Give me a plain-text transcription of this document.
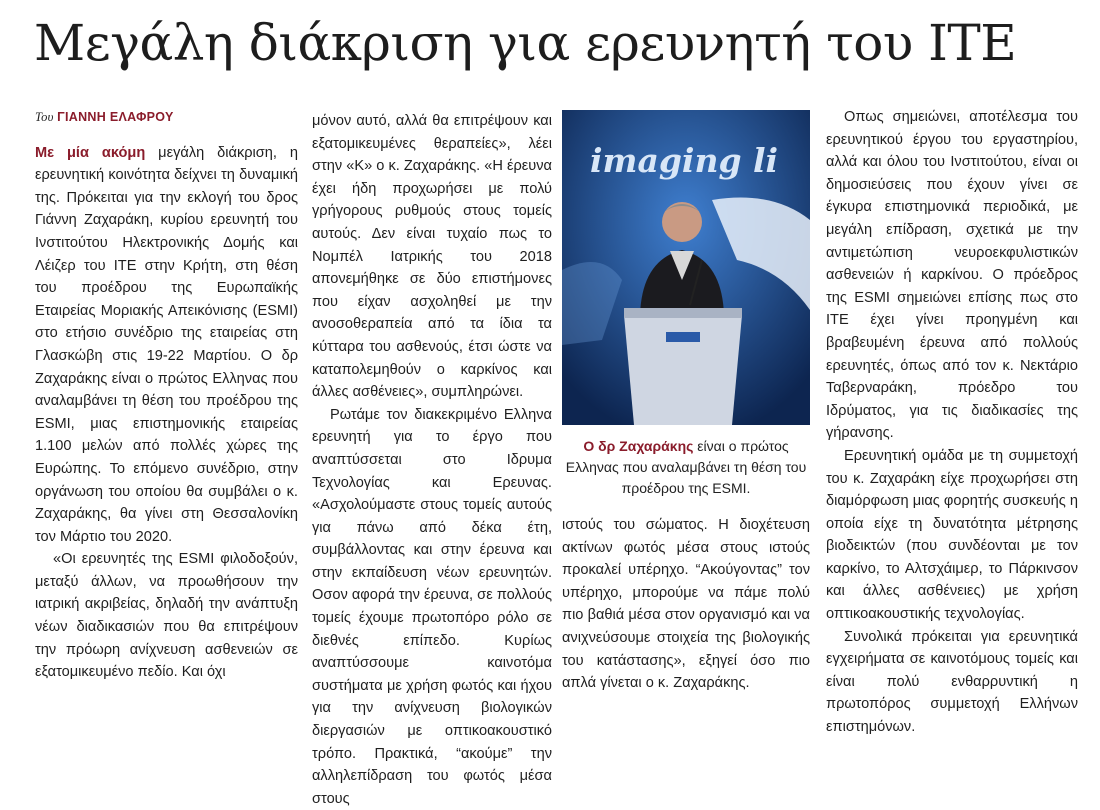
Μεγάλη διάκριση για ερευνητή του ΙΤΕ
Του ΓΙΑΝΝΗ ΕΛΑΦΡΟΥ

Με μία ακόμη μεγάλη διάκριση, η ερευνητική κοινότητα δείχνει τη δυναμική της. Πρόκειται για την εκλογή του δρος Γιάννη Ζαχαράκη, κυρίου ερευνητή του Ινστιτούτου Ηλεκτρονικής Δομής και Λέιζερ του ΙΤΕ στην Κρήτη, στη θέση του προέδρου της Ευρωπαϊκής Εταιρείας Μοριακής Απεικόνισης (ESMI) στο ετήσιο συνέδριο της εταιρείας στη Γλασκώβη στις 19-22 Μαρτίου. Ο δρ Ζαχαράκης είναι ο πρώτος Ελληνας που αναλαμβάνει τη θέση του προέδρου της ESMI, μιας επιστημονικής εταιρείας 1.100 μελών από πολλές χώρες της Ευρώπης. Το επόμενο συνέδριο, στην οργάνωση του οποίου θα συμβάλει ο κ. Ζαχαράκης, θα γίνει στη Θεσσαλονίκη τον Μάρτιο του 2020.

«Οι ερευνητές της ESMI φιλοδοξούν, μεταξύ άλλων, να προωθήσουν την ιατρική ακριβείας, δηλαδή την ανάπτυξη νέων διαδικασιών που θα επιτρέψουν την πρόωρη ανίχνευση ασθενειών σε εξατομικευμένο πεδίο. Και όχι

μόνον αυτό, αλλά θα επιτρέψουν και εξατομικευμένες θεραπείες», λέει στην «Κ» ο κ. Ζαχαράκης. «Η έρευνα έχει ήδη προχωρήσει με πολύ γρήγορους ρυθμούς στους τομείς αυτούς. Δεν είναι τυχαίο πως το Νομπέλ Ιατρικής του 2018 απονεμήθηκε σε δύο επιστήμονες που είχαν ασχοληθεί με την ανοσοθεραπεία από τα ίδια τα κύτταρα του ασθενούς, έτσι ώστε να καταπολεμηθούν ο καρκίνος και άλλες ασθένειες», συμπληρώνει.

Ρωτάμε τον διακεκριμένο Ελληνα ερευνητή για το έργο που αναπτύσσεται στο Ιδρυμα Τεχνολογίας και Ερευνας. «Ασχολούμαστε στους τομείς αυτούς για πάνω από δέκα έτη, συμβάλλοντας και στην έρευνα και στην εκπαίδευση νέων ερευνητών. Οσον αφορά την έρευνα, σε πολλούς τομείς έχουμε πρωτοπόρο ρόλο σε διεθνές επίπεδο. Κυρίως αναπτύσσουμε καινοτόμα συστήματα με χρήση φωτός και ήχου για την ανίχνευση βιολογικών διεργασιών με οπτικοακουστικό τρόπο. Πρακτικά, “ακούμε” την αλληλεπίδραση του φωτός μέσα στους

imaging li
Ο δρ Ζαχαράκης είναι ο πρώτος Ελληνας που αναλαμβάνει τη θέση του προέδρου της ESMI.

ιστούς του σώματος. Η διοχέτευση ακτίνων φωτός μέσα στους ιστούς προκαλεί υπέρηχο. “Ακούγοντας” τον υπέρηχο, μπορούμε να πάμε πολύ πιο βαθιά μέσα στον οργανισμό και να ανιχνεύσουμε στοιχεία της βιολογικής του κατάστασης», εξηγεί όσο πιο απλά γίνεται ο κ. Ζαχαράκης.

Οπως σημειώνει, αποτέλεσμα του ερευνητικού έργου του εργαστηρίου, αλλά και όλου του Ινστιτούτου, είναι οι δημοσιεύσεις που έχουν γίνει σε έγκυρα επιστημονικά περιοδικά, με μεγάλη επίδραση, σχετικά με την αντιμετώπιση νευροεκφυλιστικών ασθενειών ή καρκίνου. Ο πρόεδρος της ESMI σημειώνει επίσης πως στο ΙΤΕ έχει γίνει προηγμένη και βραβευμένη έρευνα από πολλούς ερευνητές, όπως από τον κ. Νεκτάριο Ταβερναράκη, πρόεδρο του Ιδρύματος, για τις διαδικασίες της γήρανσης.

Ερευνητική ομάδα με τη συμμετοχή του κ. Ζαχαράκη είχε προχωρήσει στη διαμόρφωση μιας φορητής συσκευής η οποία είχε τη δυνατότητα μέτρησης βιοδεικτών (που συνδέονται με τον καρκίνο, το Αλτσχάιμερ, το Πάρκινσον και άλλες ασθένειες) με χρήση οπτικοακουστικής τεχνολογίας.

Συνολικά πρόκειται για ερευνητικά εγχειρήματα σε καινοτόμους τομείς και είναι πολύ ενθαρρυντική η πρωτοπόρος συμμετοχή Ελλήνων επιστημόνων.
